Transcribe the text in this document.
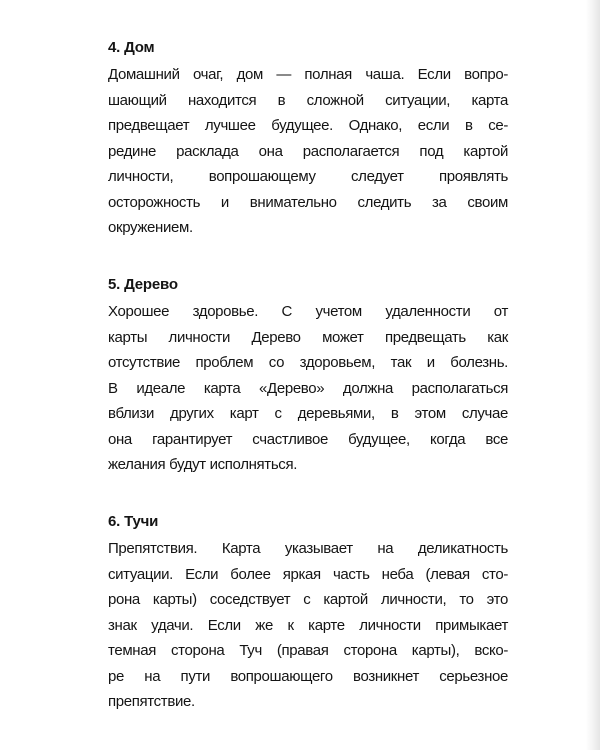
4. Дом
Домашний очаг, дом — полная чаша. Если вопро-
шающий находится в сложной ситуации, карта
предвещает лучшее будущее. Однако, если в се-
редине расклада она располагается под картой
личности, вопрошающему следует проявлять
осторожность и внимательно следить за своим
окружением.
5. Дерево
Хорошее здоровье. С учетом удаленности от
карты личности Дерево может предвещать как
отсутствие проблем со здоровьем, так и болезнь.
В идеале карта «Дерево» должна располагаться
вблизи других карт с деревьями, в этом случае
она гарантирует счастливое будущее, когда все
желания будут исполняться.
6. Тучи
Препятствия. Карта указывает на деликатность
ситуации. Если более яркая часть неба (левая сто-
рона карты) соседствует с картой личности, то это
знак удачи. Если же к карте личности примыкает
темная сторона Туч (правая сторона карты), вско-
ре на пути вопрошающего возникнет серьезное
препятствие.
